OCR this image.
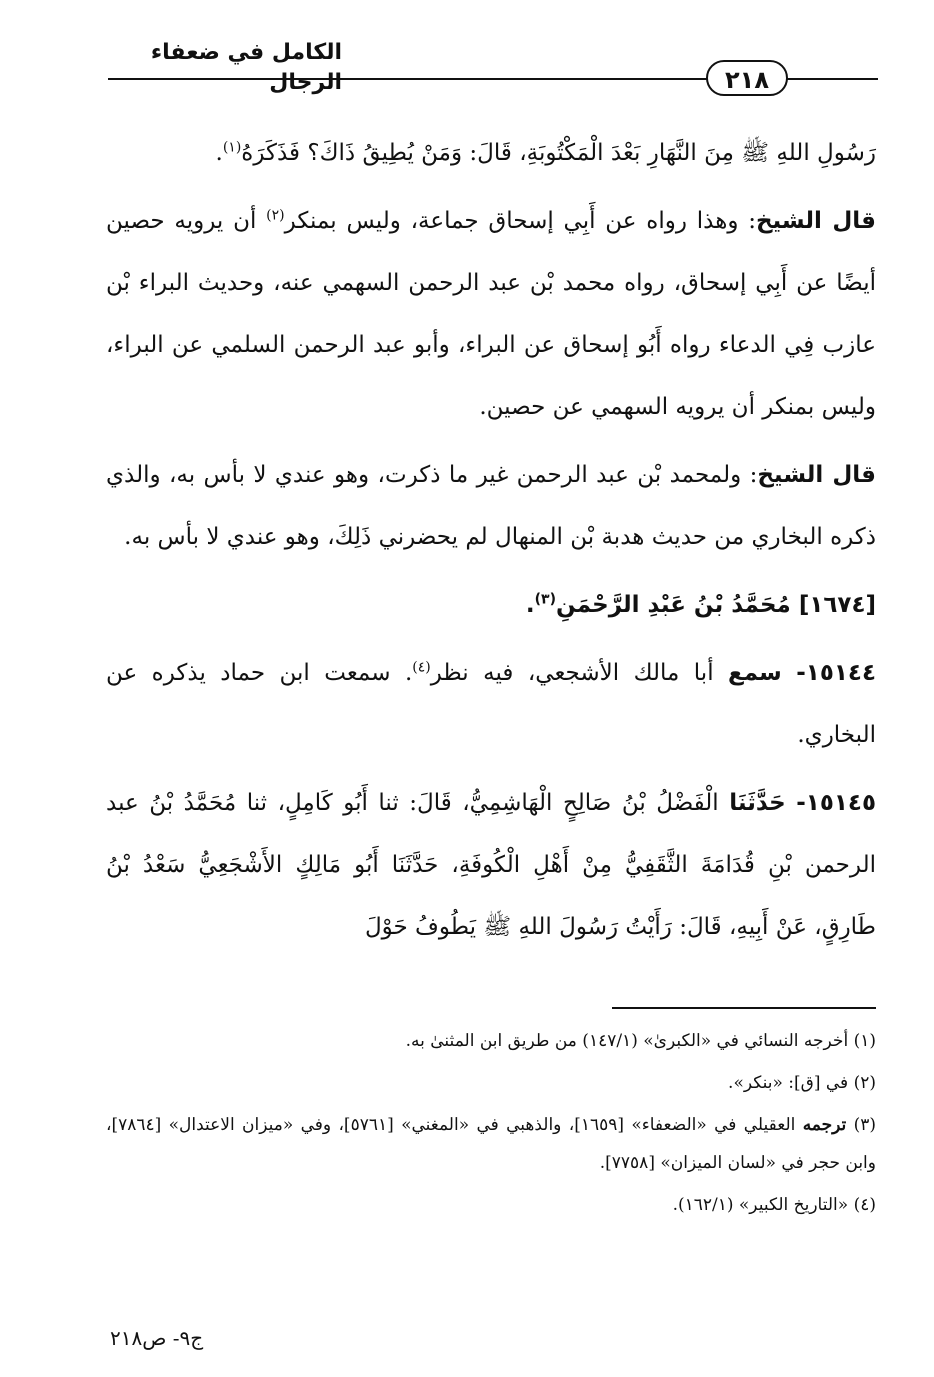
الكامل في ضعفاء الرجال	٢١٨

رَسُولِ اللهِ ﷺ مِنَ النَّهَارِ بَعْدَ الْمَكْتُوبَةِ، قَالَ: وَمَنْ يُطِيقُ ذَاكَ؟ فَذَكَرَهُ$^{(١)}$.

قال الشيخ: وهذا رواه عن أَبِي إسحاق جماعة، وليس بمنكر$^{(٢)}$ أن يرويه حصين أيضًا عن أَبِي إسحاق، رواه محمد بْن عبد الرحمن السهمي عنه، وحديث البراء بْن عازب فِي الدعاء رواه أَبُو إسحاق عن البراء، وأبو عبد الرحمن السلمي عن البراء، وليس بمنكر أن يرويه السهمي عن حصين.

قال الشيخ: ولمحمد بْن عبد الرحمن غير ما ذكرت، وهو عندي لا بأس به، والذي ذكره البخاري من حديث هدبة بْن المنهال لم يحضرني ذَلِكَ، وهو عندي لا بأس به.

[١٦٧٤] مُحَمَّدُ بْنُ عَبْدِ الرَّحْمَنِ$^{(٣)}$.

١٥١٤٤- سمع أبا مالك الأشجعي، فيه نظر$^{(٤)}$. سمعت ابن حماد يذكره عن البخاري.

١٥١٤٥- حَدَّثَنَا الْفَضْلُ بْنُ صَالِحٍ الْهَاشِمِيُّ، قَالَ: ثنا أَبُو كَامِلٍ، ثنا مُحَمَّدُ بْنُ عبد الرحمن بْنِ قُدَامَةَ الثَّقَفِيُّ مِنْ أَهْلِ الْكُوفَةِ، حَدَّثَنَا أَبُو مَالِكٍ الأَشْجَعِيُّ سَعْدُ بْنُ طَارِقٍ، عَنْ أَبِيهِ، قَالَ: رَأَيْتُ رَسُولَ اللهِ ﷺ يَطُوفُ حَوْلَ

(١) أخرجه النسائي في «الكبرىٰ» (١٤٧/١) من طريق ابن المثنىٰ به.

(٢) في [ق]: «بنكر».

(٣) ترجمه العقيلي في «الضعفاء» [١٦٥٩]، والذهبي في «المغني» [٥٧٦١]، وفي «ميزان الاعتدال» [٧٨٦٤]، وابن حجر في «لسان الميزان» [٧٧٥٨].

(٤) «التاريخ الكبير» (١٦٢/١).

ج٩- ص٢١٨
